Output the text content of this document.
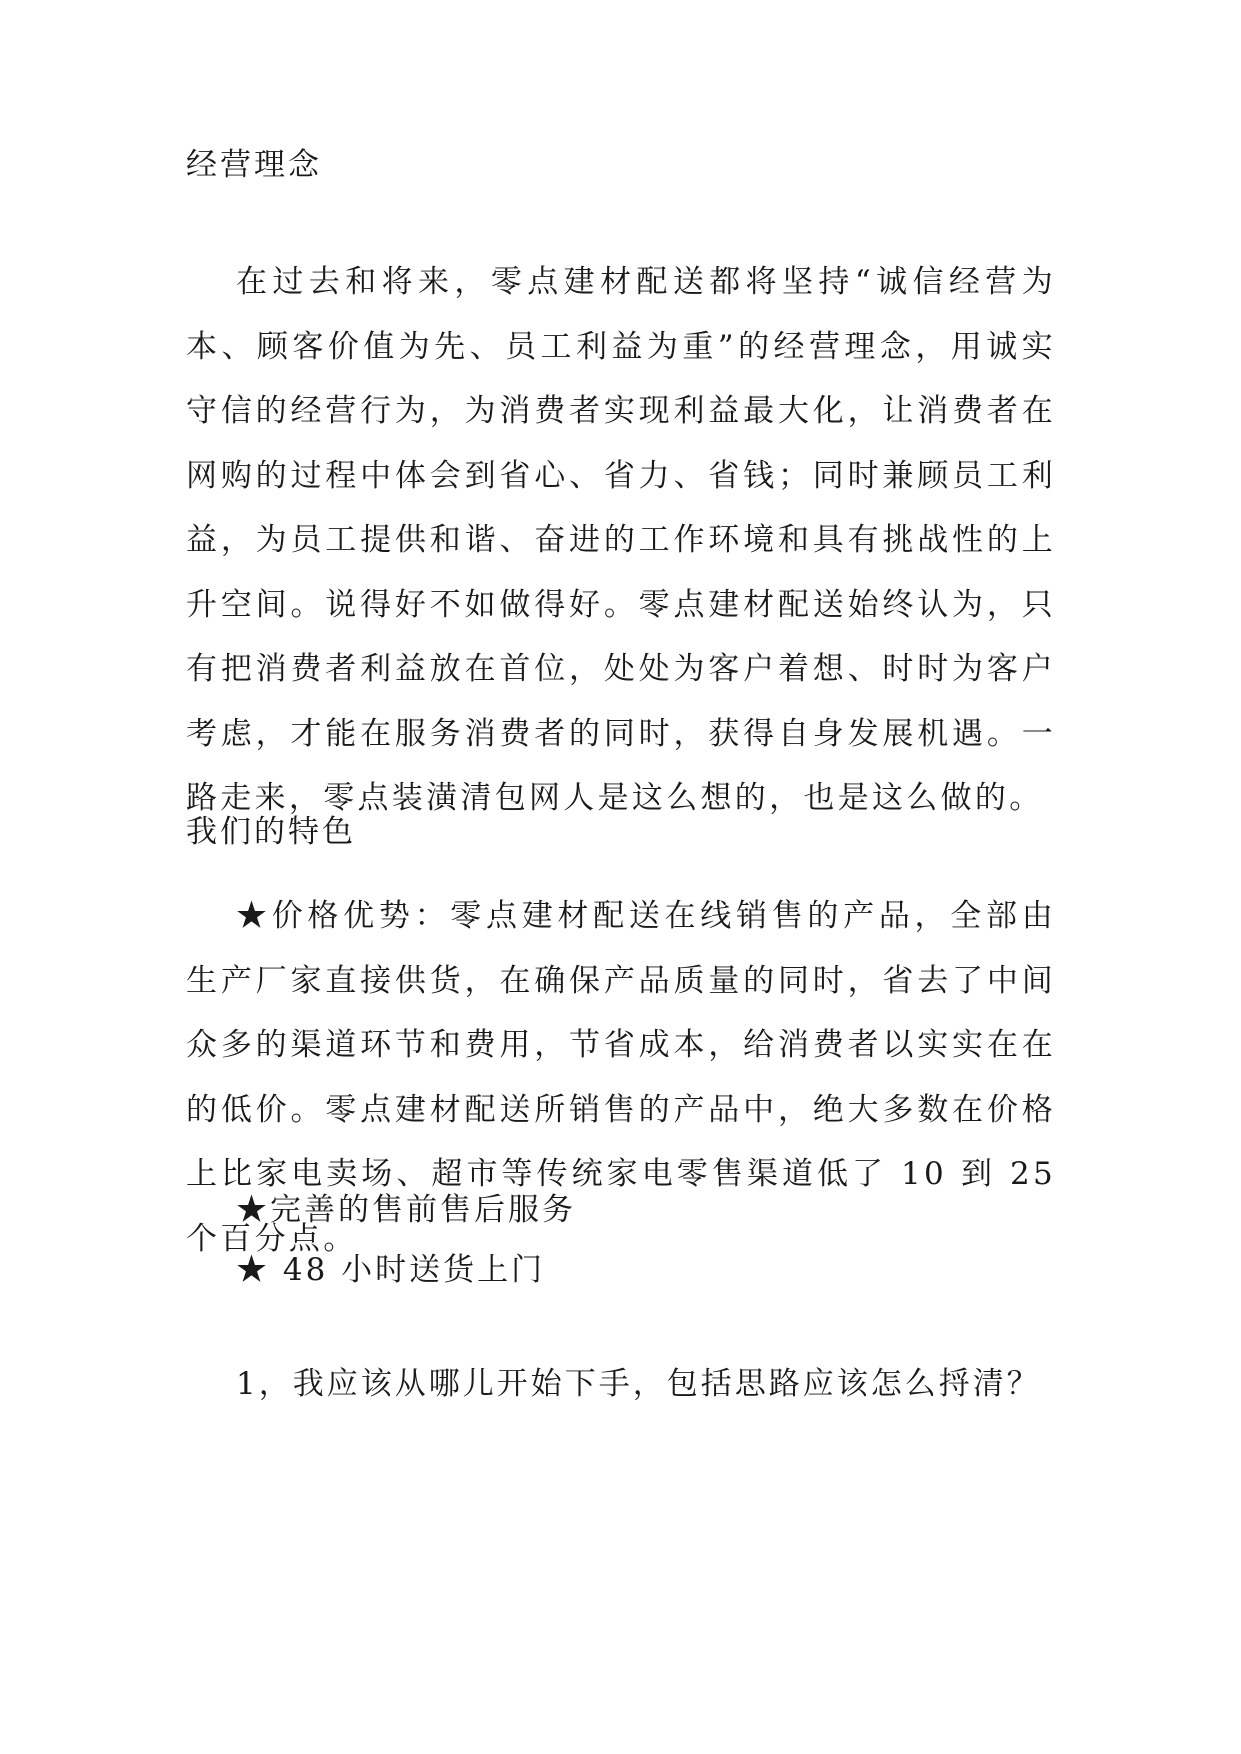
经营理念
在过去和将来，零点建材配送都将坚持“诚信经营为本、顾客价值为先、员工利益为重”的经营理念，用诚实守信的经营行为，为消费者实现利益最大化，让消费者在网购的过程中体会到省心、省力、省钱；同时兼顾员工利益，为员工提供和谐、奋进的工作环境和具有挑战性的上升空间。说得好不如做得好。零点建材配送始终认为，只有把消费者利益放在首位，处处为客户着想、时时为客户考虑，才能在服务消费者的同时，获得自身发展机遇。一路走来，零点装潢清包网人是这么想的，也是这么做的。
我们的特色
★价格优势：零点建材配送在线销售的产品，全部由生产厂家直接供货，在确保产品质量的同时，省去了中间众多的渠道环节和费用，节省成本，给消费者以实实在在的低价。零点建材配送所销售的产品中，绝大多数在价格上比家电卖场、超市等传统家电零售渠道低了 10 到 25 个百分点。
★完善的售前售后服务
★ 48 小时送货上门
1，我应该从哪儿开始下手，包括思路应该怎么捋清？
